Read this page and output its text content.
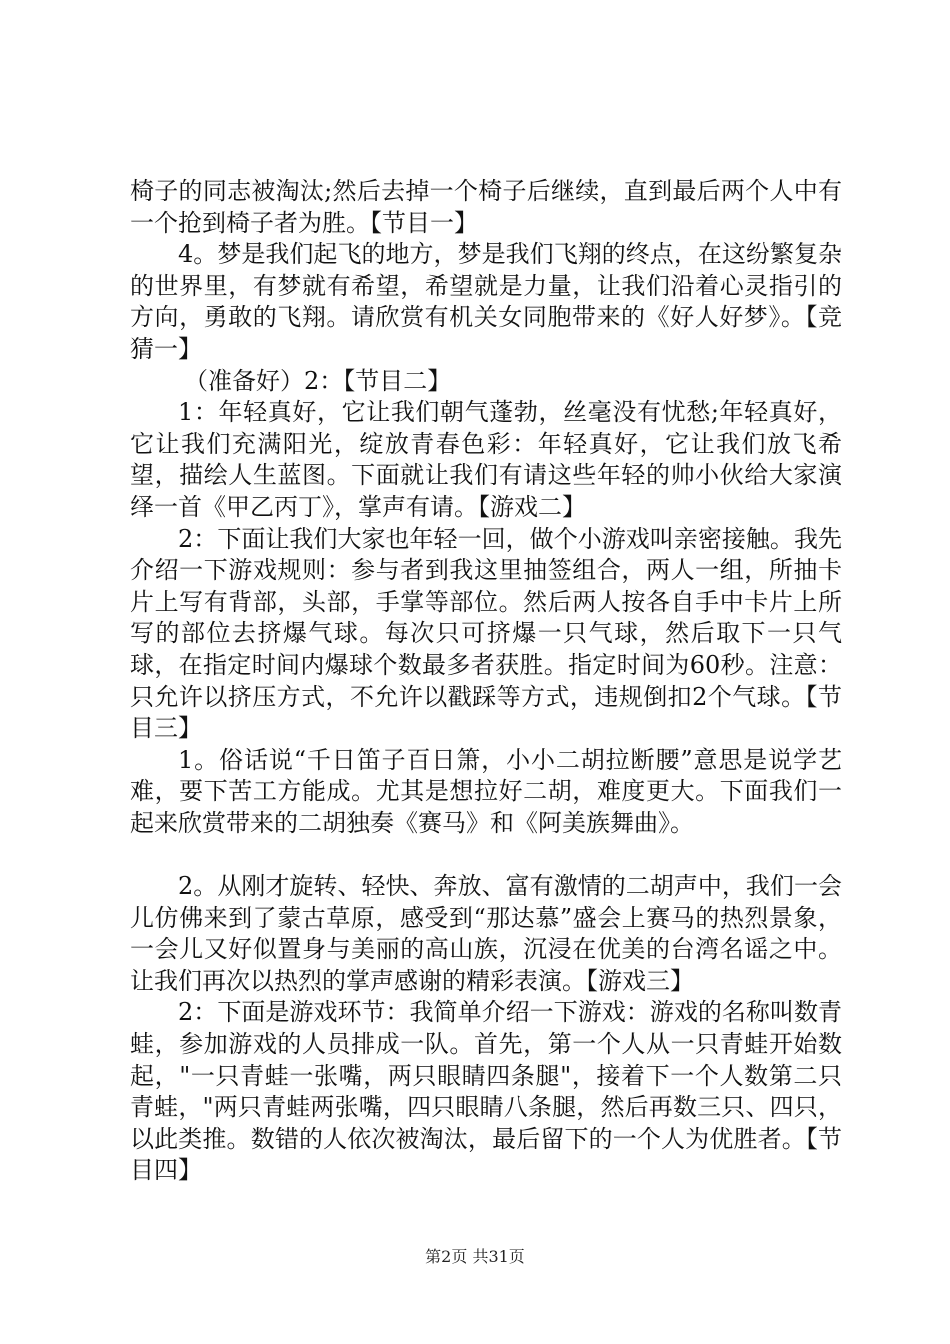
椅子的同志被淘汰;然后去掉一个椅子后继续，直到最后两个人中有一个抢到椅子者为胜。【节目一】

4。梦是我们起飞的地方，梦是我们飞翔的终点，在这纷繁复杂的世界里，有梦就有希望，希望就是力量，让我们沿着心灵指引的方向，勇敢的飞翔。请欣赏有机关女同胞带来的《好人好梦》。【竞猜一】

（准备好）2：【节目二】

1：年轻真好，它让我们朝气蓬勃，丝毫没有忧愁;年轻真好，它让我们充满阳光，绽放青春色彩：年轻真好，它让我们放飞希望，描绘人生蓝图。下面就让我们有请这些年轻的帅小伙给大家演绎一首《甲乙丙丁》，掌声有请。【游戏二】

2：下面让我们大家也年轻一回，做个小游戏叫亲密接触。我先介绍一下游戏规则：参与者到我这里抽签组合，两人一组，所抽卡片上写有背部，头部，手掌等部位。然后两人按各自手中卡片上所写的部位去挤爆气球。每次只可挤爆一只气球，然后取下一只气球，在指定时间内爆球个数最多者获胜。指定时间为60秒。注意：只允许以挤压方式，不允许以戳踩等方式，违规倒扣2个气球。【节目三】

1。俗话说“千日笛子百日箫，小小二胡拉断腰”意思是说学艺难，要下苦工方能成。尤其是想拉好二胡，难度更大。下面我们一起来欣赏带来的二胡独奏《赛马》和《阿美族舞曲》。

2。从刚才旋转、轻快、奔放、富有激情的二胡声中，我们一会儿仿佛来到了蒙古草原，感受到“那达慕”盛会上赛马的热烈景象，一会儿又好似置身与美丽的高山族，沉浸在优美的台湾名谣之中。让我们再次以热烈的掌声感谢的精彩表演。【游戏三】

2：下面是游戏环节：我简单介绍一下游戏：游戏的名称叫数青蛙，参加游戏的人员排成一队。首先，第一个人从一只青蛙开始数起，"一只青蛙一张嘴，两只眼睛四条腿"，接着下一个人数第二只青蛙，"两只青蛙两张嘴，四只眼睛八条腿，然后再数三只、四只，以此类推。数错的人依次被淘汰，最后留下的一个人为优胜者。【节目四】

第2页 共31页
